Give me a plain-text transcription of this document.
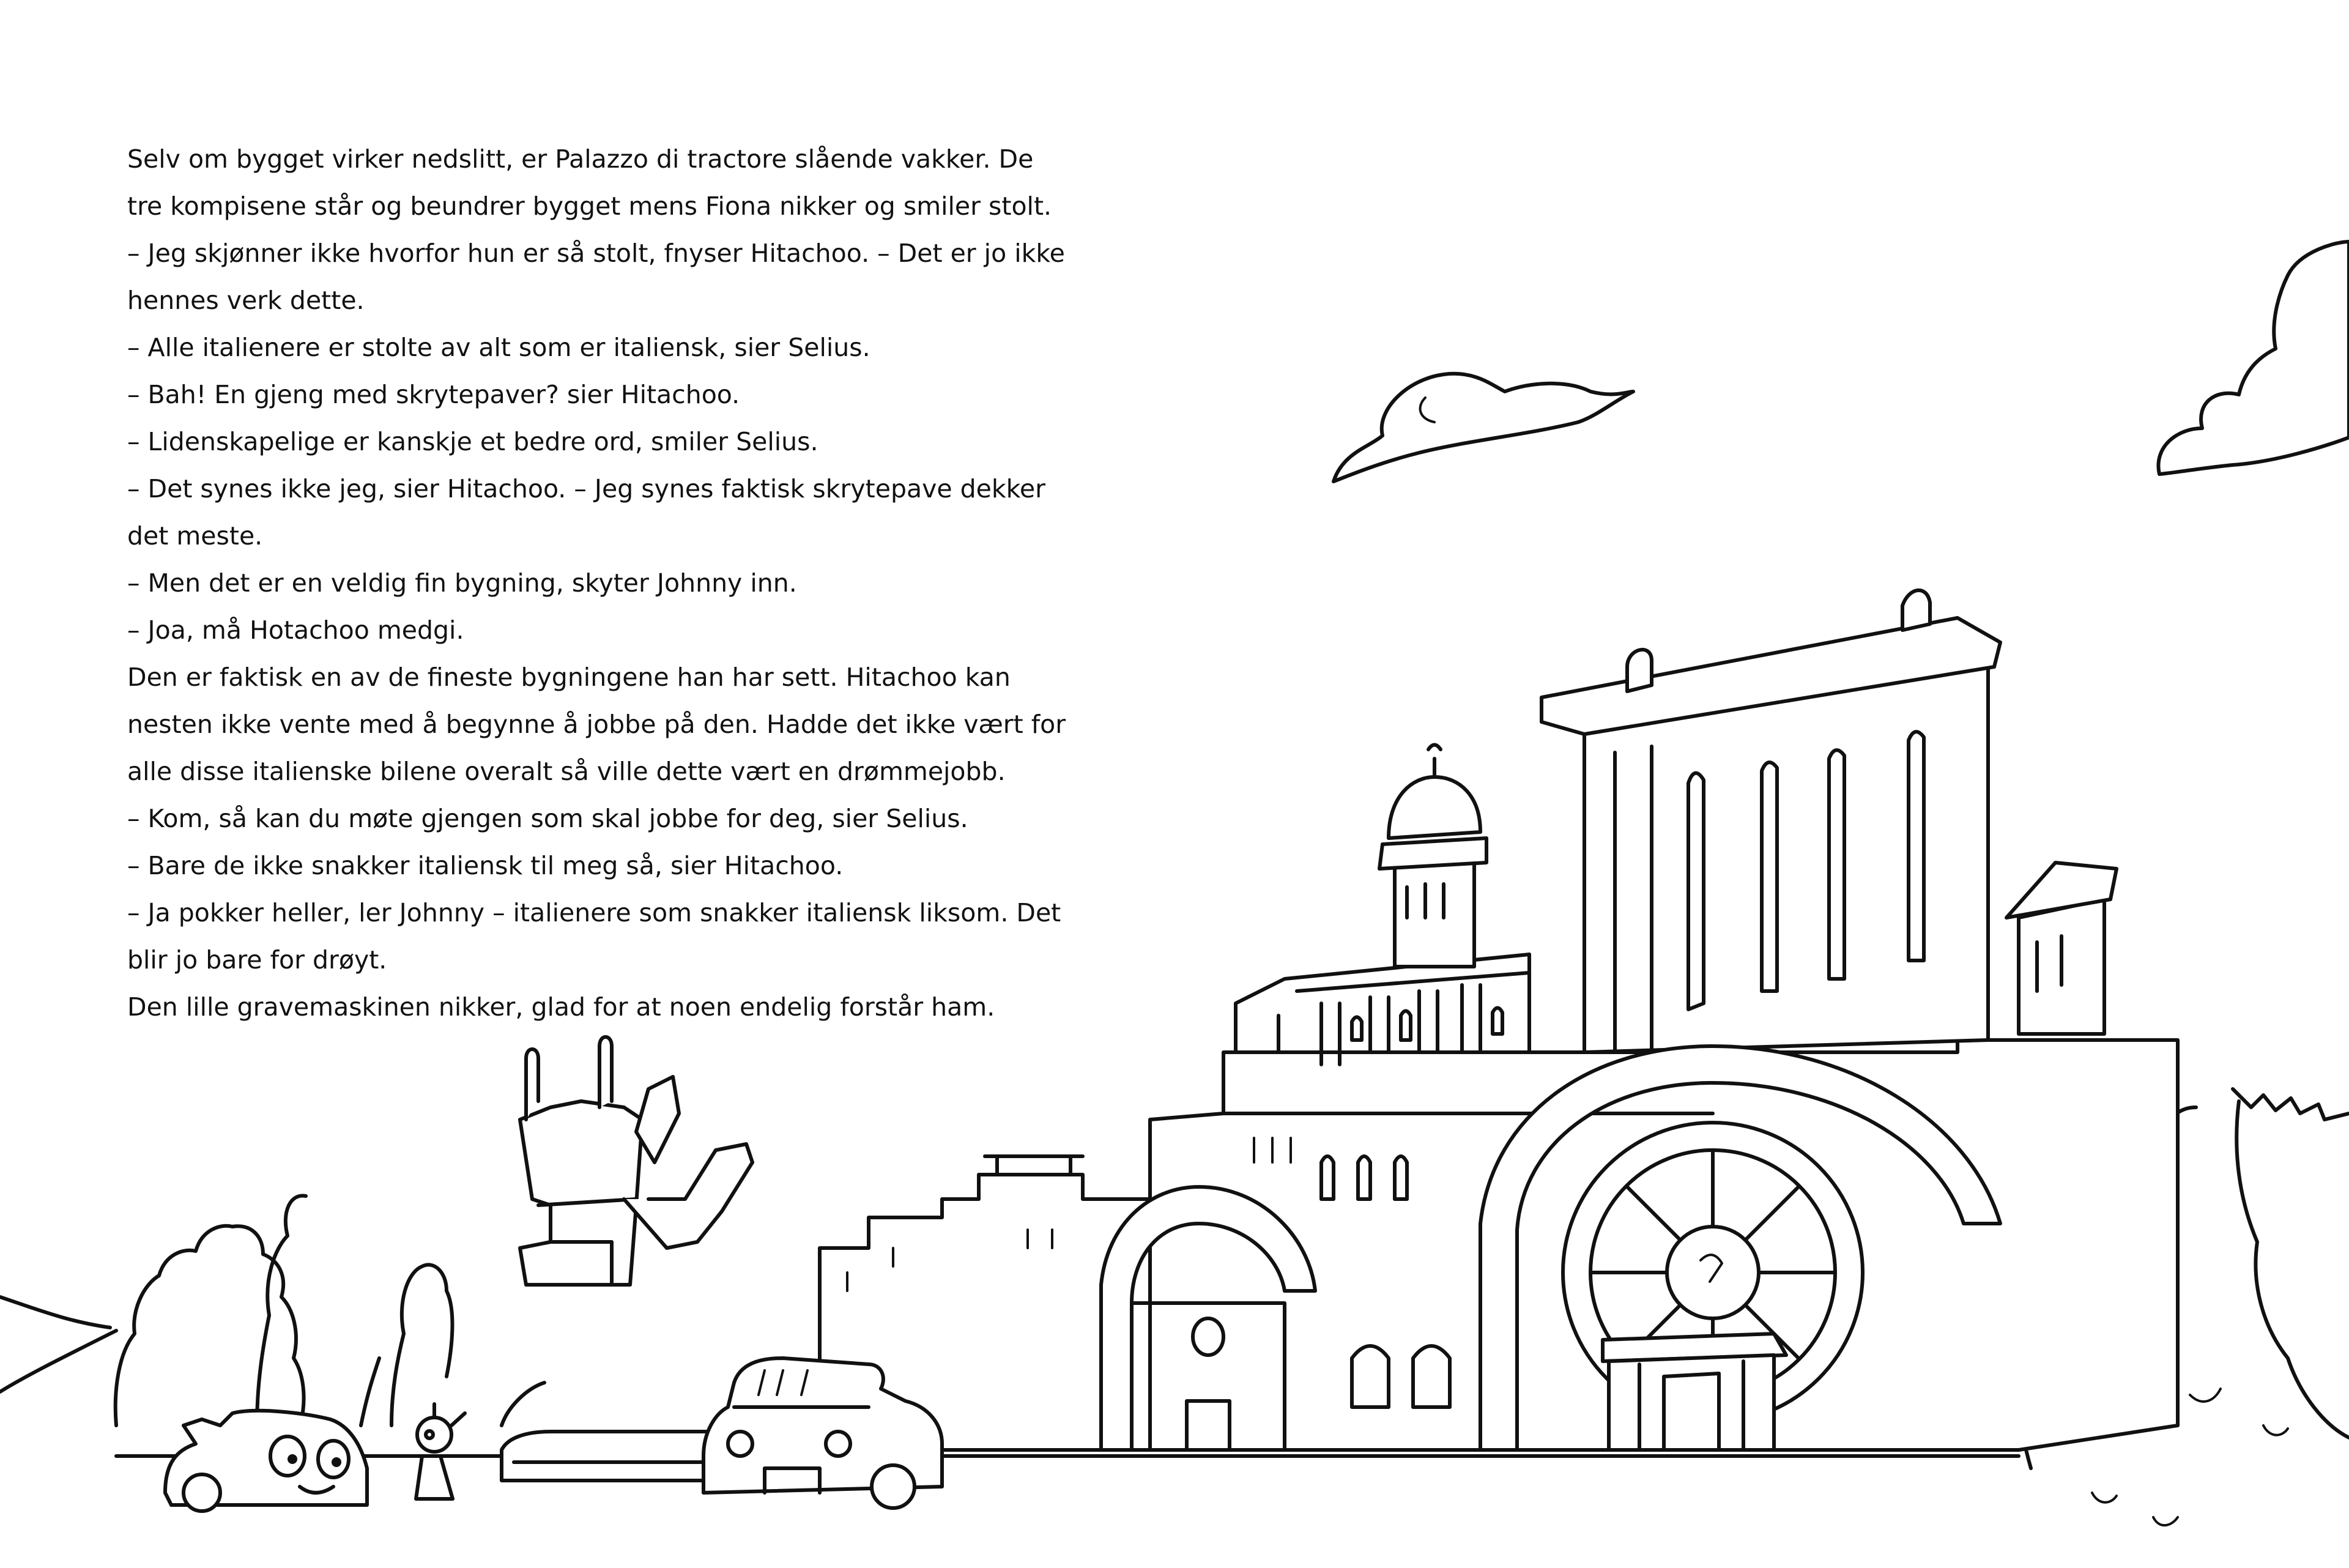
Selv om bygget virker nedslitt, er Palazzo di tractore slående vakker. De

tre kompisene står og beundrer bygget mens Fiona nikker og smiler stolt.

– Jeg skjønner ikke hvorfor hun er så stolt, fnyser Hitachoo. – Det er jo ikke

hennes verk dette.

– Alle italienere er stolte av alt som er italiensk, sier Selius.

– Bah! En gjeng med skrytepaver? sier Hitachoo.

– Lidenskapelige er kanskje et bedre ord, smiler Selius.

– Det synes ikke jeg, sier Hitachoo. – Jeg synes faktisk skrytepave dekker

det meste.

– Men det er en veldig fin bygning, skyter Johnny inn.

– Joa, må Hotachoo medgi.

Den er faktisk en av de fineste bygningene han har sett. Hitachoo kan

nesten ikke vente med å begynne å jobbe på den. Hadde det ikke vært for

alle disse italienske bilene overalt så ville dette vært en drømmejobb.

– Kom, så kan du møte gjengen som skal jobbe for deg, sier Selius.

– Bare de ikke snakker italiensk til meg så, sier Hitachoo.

– Ja pokker heller, ler Johnny – italienere som snakker italiensk liksom. Det

blir jo bare for drøyt.

Den lille gravemaskinen nikker, glad for at noen endelig forstår ham.
